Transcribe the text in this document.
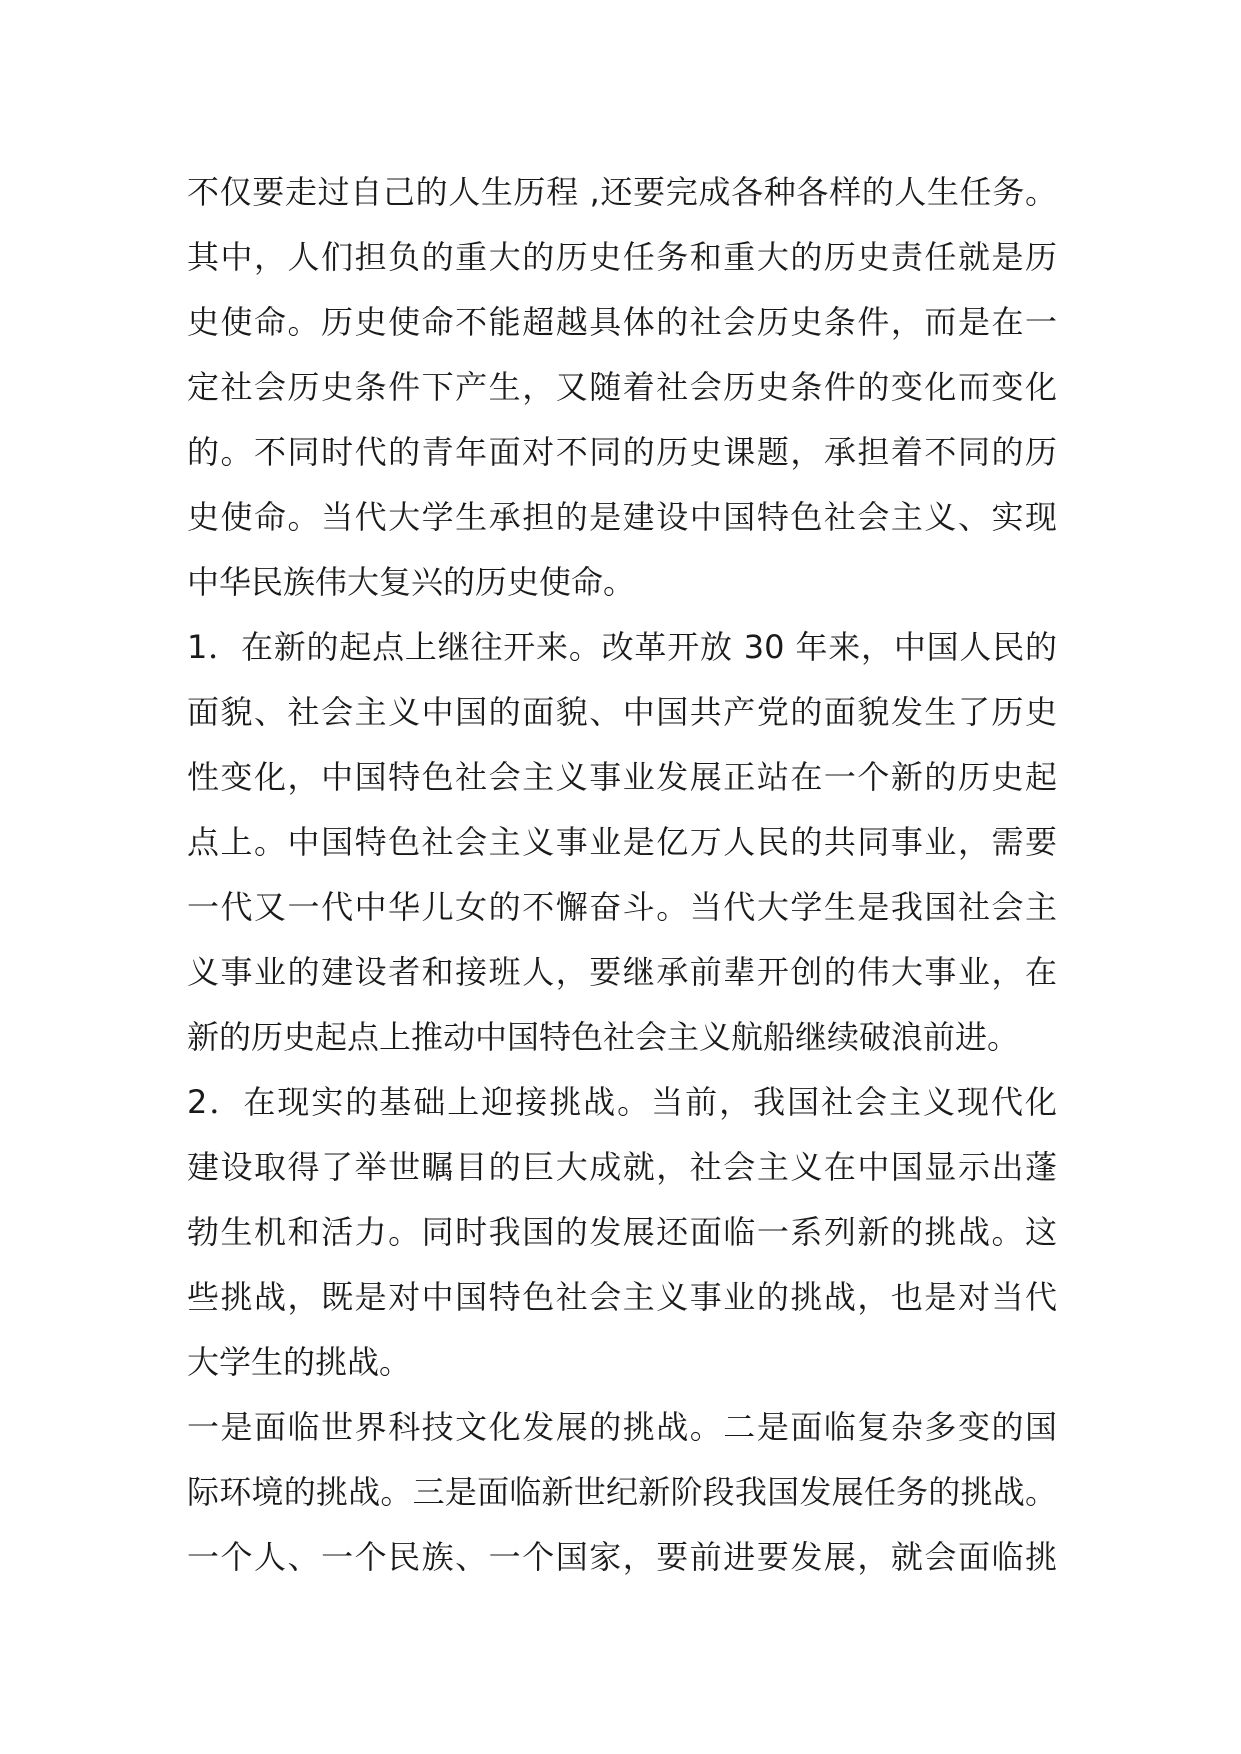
不仅要走过自己的人生历程 ,还要完成各种各样的人生任务。
其中，人们担负的重大的历史任务和重大的历史责任就是历
史使命。历史使命不能超越具体的社会历史条件，而是在一
定社会历史条件下产生，又随着社会历史条件的变化而变化
的。不同时代的青年面对不同的历史课题，承担着不同的历
史使命。当代大学生承担的是建设中国特色社会主义、实现
中华民族伟大复兴的历史使命。
1．在新的起点上继往开来。改革开放 30 年来，中国人民的
面貌、社会主义中国的面貌、中国共产党的面貌发生了历史
性变化，中国特色社会主义事业发展正站在一个新的历史起
点上。中国特色社会主义事业是亿万人民的共同事业，需要
一代又一代中华儿女的不懈奋斗。当代大学生是我国社会主
义事业的建设者和接班人，要继承前辈开创的伟大事业，在
新的历史起点上推动中国特色社会主义航船继续破浪前进。
2．在现实的基础上迎接挑战。当前，我国社会主义现代化
建设取得了举世瞩目的巨大成就，社会主义在中国显示出蓬
勃生机和活力。同时我国的发展还面临一系列新的挑战。这
些挑战，既是对中国特色社会主义事业的挑战，也是对当代
大学生的挑战。
一是面临世界科技文化发展的挑战。二是面临复杂多变的国
际环境的挑战。三是面临新世纪新阶段我国发展任务的挑战。
一个人、一个民族、一个国家，要前进要发展，就会面临挑
